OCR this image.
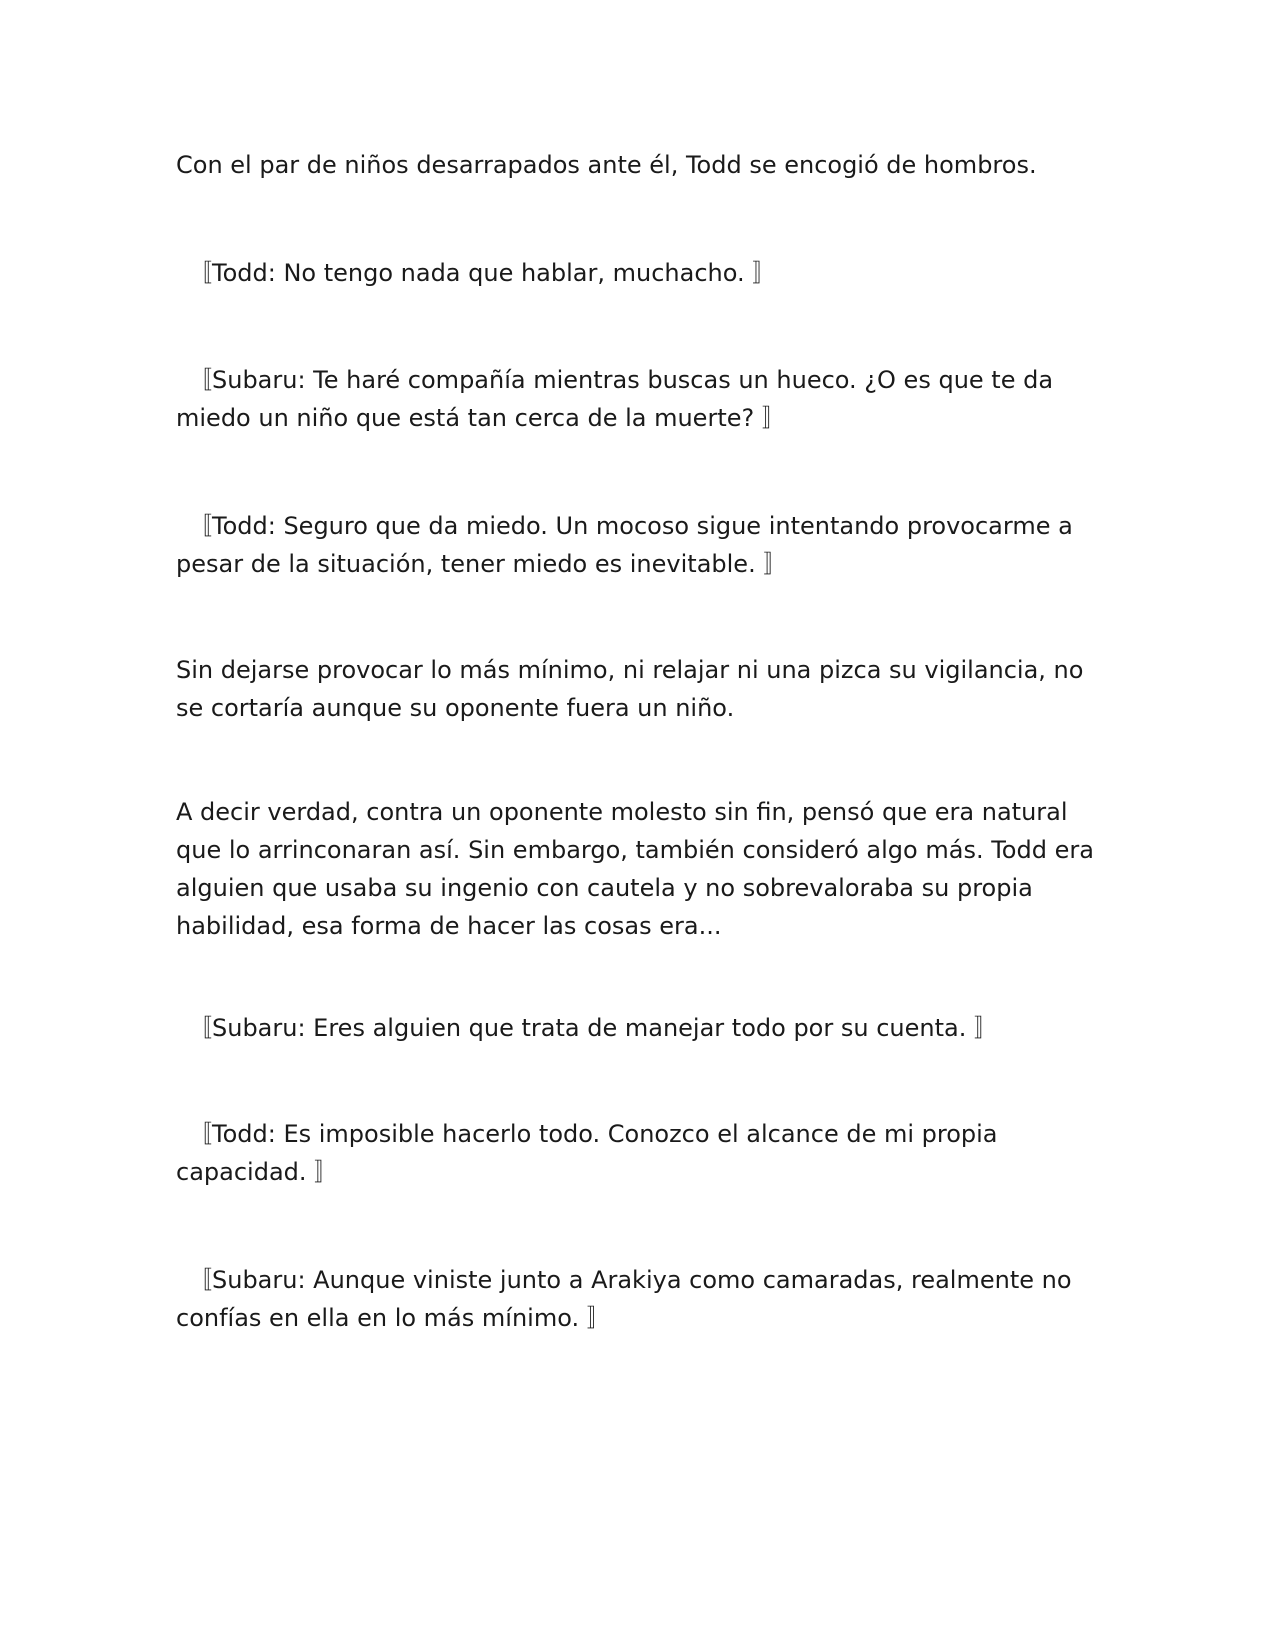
Con el par de niños desarrapados ante él, Todd se encogió de hombros.

〚Todd: No tengo nada que hablar, muchacho. 〛

〚Subaru: Te haré compañía mientras buscas un hueco. ¿O es que te da miedo un niño que está tan cerca de la muerte? 〛

〚Todd: Seguro que da miedo. Un mocoso sigue intentando provocarme a pesar de la situación, tener miedo es inevitable. 〛

Sin dejarse provocar lo más mínimo, ni relajar ni una pizca su vigilancia, no se cortaría aunque su oponente fuera un niño.

A decir verdad, contra un oponente molesto sin fin, pensó que era natural que lo arrinconaran así. Sin embargo, también consideró algo más. Todd era alguien que usaba su ingenio con cautela y no sobrevaloraba su propia habilidad, esa forma de hacer las cosas era...

〚Subaru: Eres alguien que trata de manejar todo por su cuenta. 〛

〚Todd: Es imposible hacerlo todo. Conozco el alcance de mi propia capacidad. 〛

〚Subaru: Aunque viniste junto a Arakiya como camaradas, realmente no confías en ella en lo más mínimo. 〛
